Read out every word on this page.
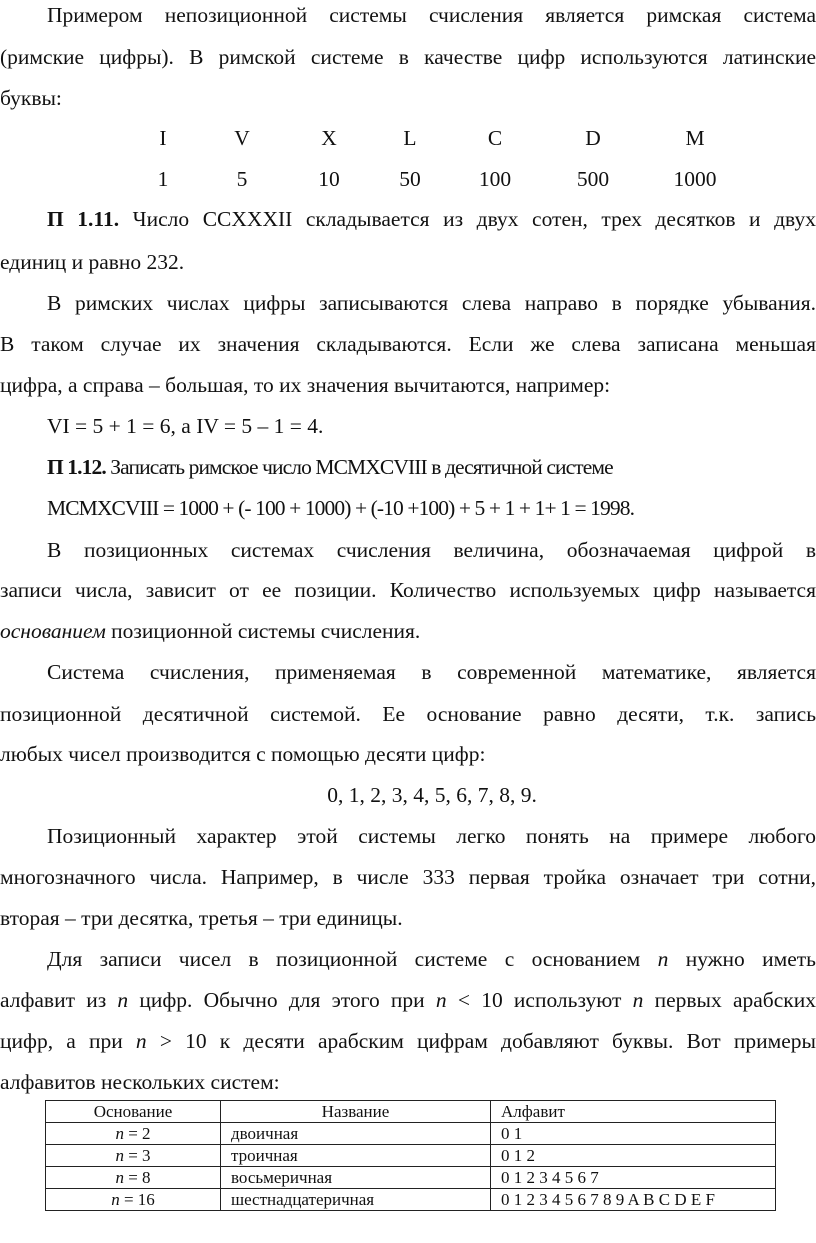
Примером непозиционной системы счисления является римская система

(римские цифры). В римской системе в качестве цифр используются латинские

буквы:

I	V	X	L	C	D	M
1	5	10	50	100	500	1000

П 1.11. Число CCXXXII складывается из двух сотен, трех десятков и двух

единиц и равно 232.

В римских числах цифры записываются слева направо в порядке убывания.

В таком случае их значения складываются. Если же слева записана меньшая

цифра, а справа – большая, то их значения вычитаются, например:

VI = 5 + 1 = 6, а IV = 5 – 1 = 4.

П 1.12. Записать римское число MCMXCVIII в десятичной системе

MCMXCVIII = 1000 + (- 100 + 1000) + (-10 +100) + 5 + 1 + 1+ 1 = 1998.

В позиционных системах счисления величина, обозначаемая цифрой в

записи числа, зависит от ее позиции. Количество используемых цифр называется

основанием позиционной системы счисления.

Система счисления, применяемая в современной математике, является

позиционной десятичной системой. Ее основание равно десяти, т.к. запись

любых чисел производится с помощью десяти цифр:

0, 1, 2, 3, 4, 5, 6, 7, 8, 9.

Позиционный характер этой системы легко понять на примере любого

многозначного числа. Например, в числе 333 первая тройка означает три сотни,

вторая – три десятка, третья – три единицы.

Для записи чисел в позиционной системе с основанием n нужно иметь

алфавит из n цифр. Обычно для этого при n < 10 используют n первых арабских

цифр, а при n > 10 к десяти арабским цифрам добавляют буквы. Вот примеры

алфавитов нескольких систем:

Основание	Название	Алфавит
n = 2	двоичная	0 1
n = 3	троичная	0 1 2
n = 8	восьмеричная	0 1 2 3 4 5 6 7
n = 16	шестнадцатеричная	0 1 2 3 4 5 6 7 8 9 A B C D E F
